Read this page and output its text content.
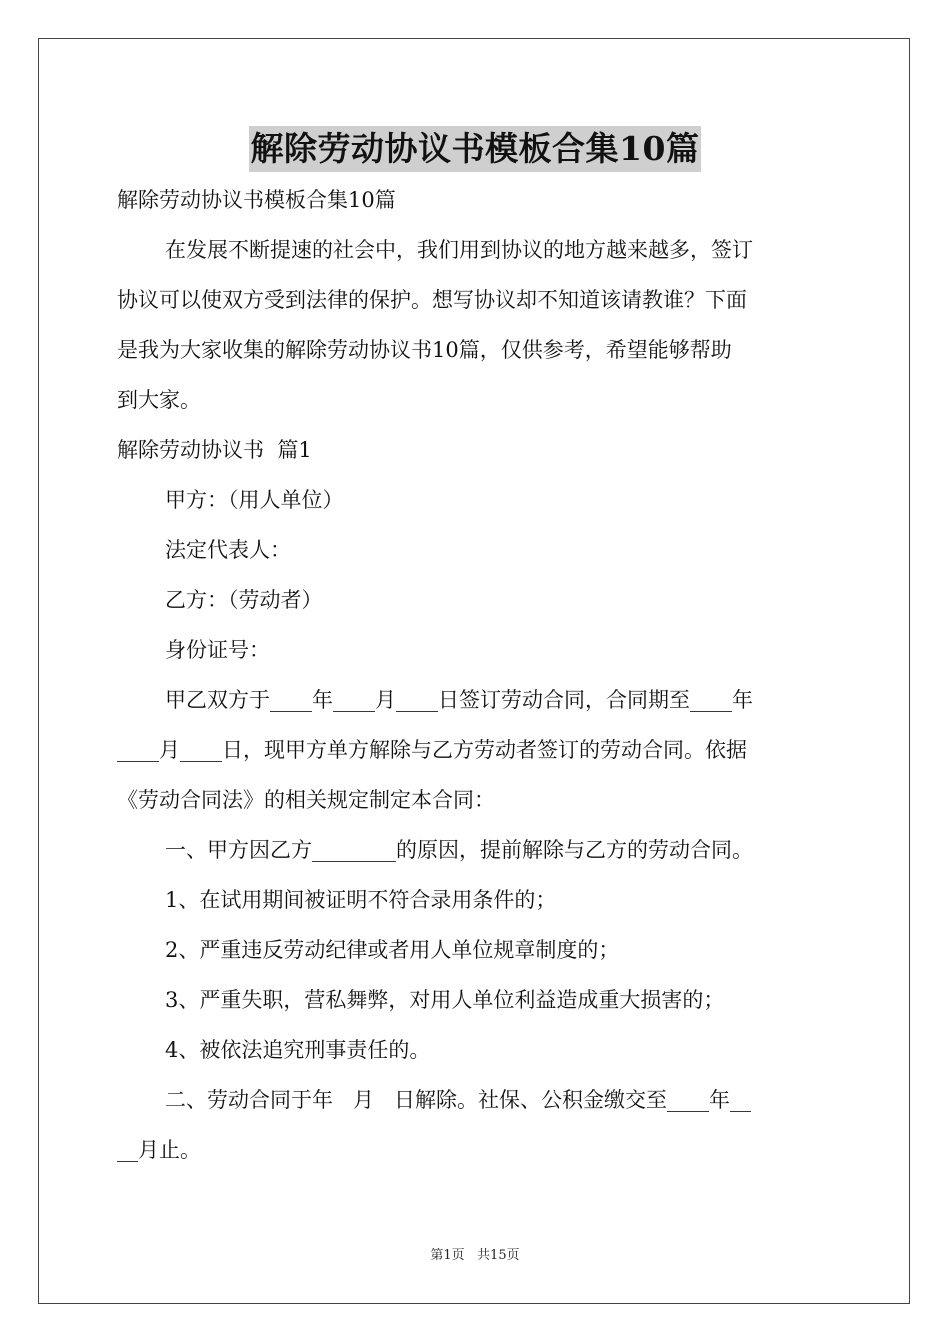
解除劳动协议书模板合集10篇
解除劳动协议书模板合集10篇
在发展不断提速的社会中，我们用到协议的地方越来越多，签订
协议可以使双方受到法律的保护。想写协议却不知道该请教谁？下面
是我为大家收集的解除劳动协议书10篇，仅供参考，希望能够帮助
到大家。
解除劳动协议书  篇1
甲方：（用人单位）
法定代表人：
乙方：（劳动者）
身份证号：
甲乙双方于____年____月____日签订劳动合同，合同期至____年
____月____日，现甲方单方解除与乙方劳动者签订的劳动合同。依据
《劳动合同法》的相关规定制定本合同：
一、甲方因乙方________的原因，提前解除与乙方的劳动合同。
1、在试用期间被证明不符合录用条件的；
2、严重违反劳动纪律或者用人单位规章制度的；
3、严重失职，营私舞弊，对用人单位利益造成重大损害的；
4、被依法追究刑事责任的。
二、劳动合同于年   月   日解除。社保、公积金缴交至____年__
__月止。
第1页   共15页
